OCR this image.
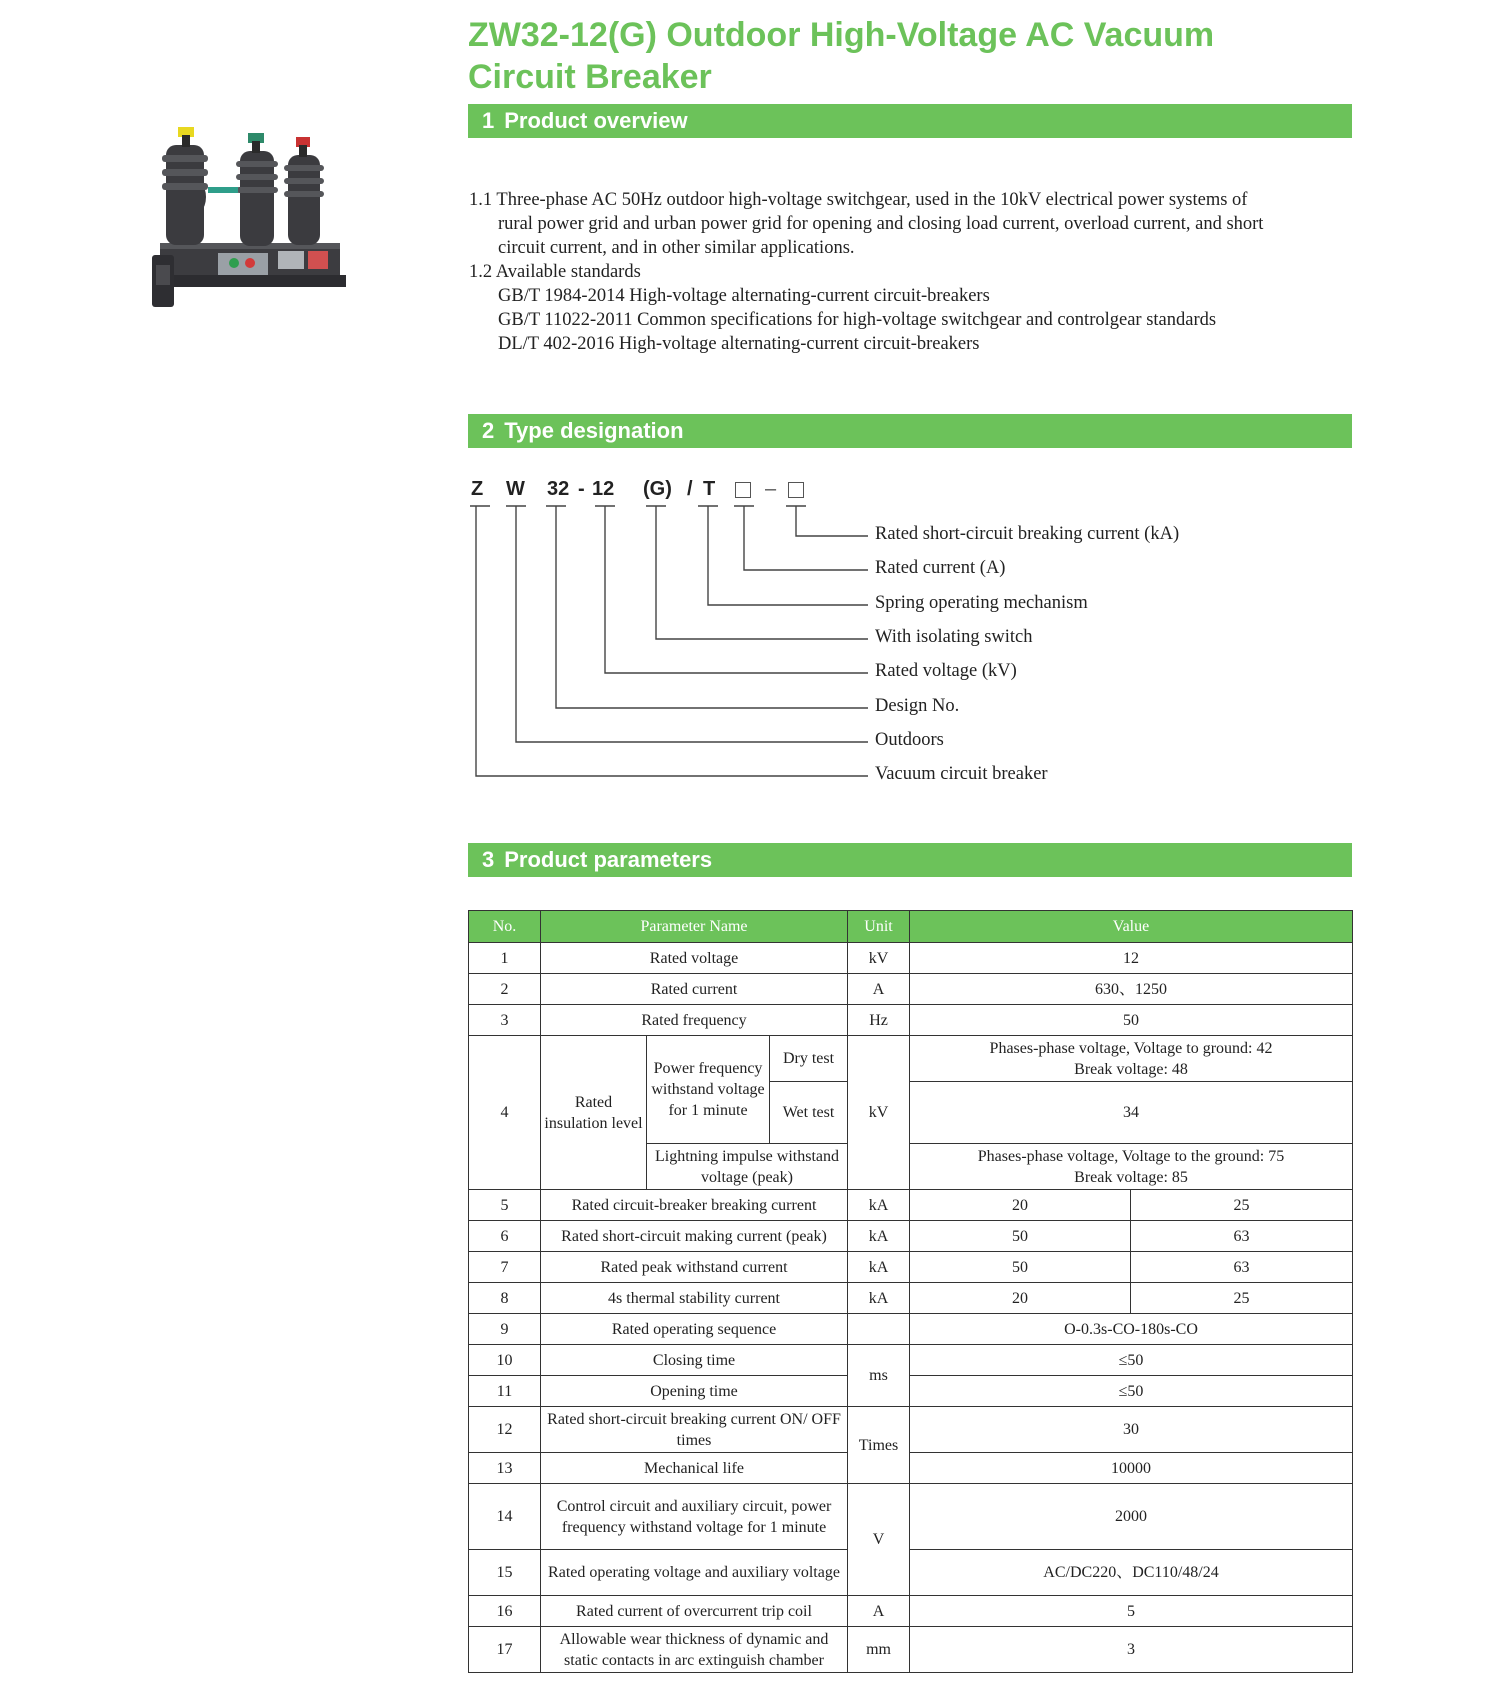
ZW32-12(G) Outdoor High-Voltage AC Vacuum
Circuit Breaker
1 Product overview
1.1 Three-phase AC 50Hz outdoor high-voltage switchgear, used in the 10kV electrical power systems of
rural power grid and urban power grid for opening and closing load current, overload current, and short
circuit current, and in other similar applications.
1.2 Available standards
GB/T 1984-2014 High-voltage alternating-current circuit-breakers
GB/T 11022-2011 Common specifications for high-voltage switchgear and controlgear standards
DL/T 402-2016 High-voltage alternating-current circuit-breakers
2 Type designation
Z W 32 - 12 (G) / T –
Rated short-circuit breaking current (kA)
Rated current (A)
Spring operating mechanism
With isolating switch
Rated voltage (kV)
Design No.
Outdoors
Vacuum circuit breaker
3 Product parameters
No.	Parameter Name			Unit	Value	
1	Rated voltage			kV	12	
2	Rated current			A	630、1250	
3	Rated frequency			Hz	50	
4	Rated insulation level	Power frequency withstand voltage for 1 minute	Dry test	kV	Phases-phase voltage, Voltage to ground: 42
Break voltage: 48	

			Wet test		34	
		Lightning impulse withstand voltage (peak)			Phases-phase voltage, Voltage to the ground: 75
Break voltage: 85	

5	Rated circuit-breaker breaking current			kA	20	25
6	Rated short-circuit making current (peak)			kA	50	63
7	Rated peak withstand current			kA	50	63
8	4s thermal stability current			kA	20	25
9	Rated operating sequence				O-0.3s-CO-180s-CO	
10	Closing time			ms	≤50	
11	Opening time				≤50	
12	Rated short-circuit breaking current ON/ OFF times			Times	30	
13	Mechanical life				10000	
14	Control circuit and auxiliary circuit, power frequency withstand voltage for 1 minute			V	2000	
15	Rated operating voltage and auxiliary voltage				AC/DC220、DC110/48/24	
16	Rated current of overcurrent trip coil			A	5	
17	Allowable wear thickness of dynamic and static contacts in arc extinguish chamber			mm	3	
